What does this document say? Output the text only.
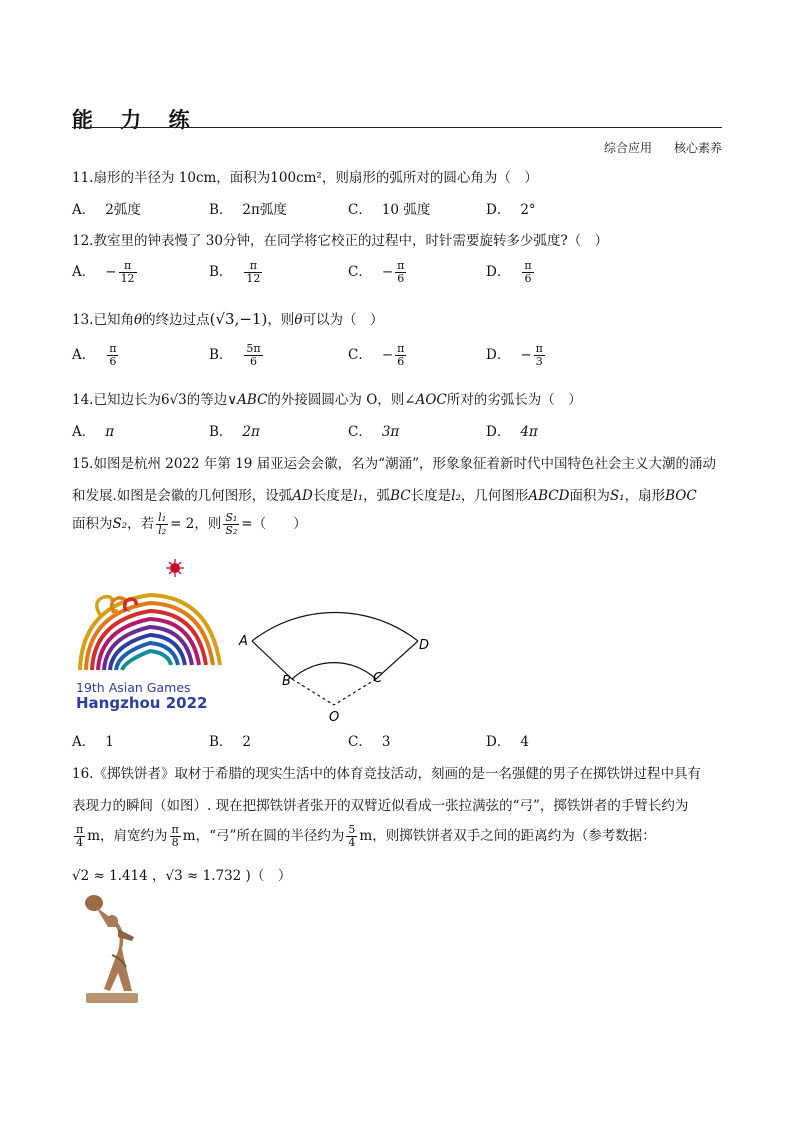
能 力 练
综合应用 核心素养
11.扇形的半径为 10cm，面积为100cm²，则扇形的弧所对的圆心角为（　）
A． 2弧度	B． 2π弧度	C． 10 弧度	D． 2°
12.教室里的钟表慢了 30分钟，在同学将它校正的过程中，时针需要旋转多少弧度?（　）
A． − $\frac{\pi}{12}$	B． $\frac{\pi}{12}$	C． − $\frac{\pi}{6}$	D． $\frac{\pi}{6}$
13.已知角θ的终边过点(√3,−1)，则θ可以为（　）
A． $\frac{\pi}{6}$	B． $\frac{5\pi}{6}$	C． − $\frac{\pi}{6}$	D． − $\frac{\pi}{3}$
14.已知边长为6√3的等边∨ABC的外接圆圆心为 O，则∠AOC所对的劣弧长为（　）
A． π	B． 2π	C． 3π	D． 4π
15.如图是杭州 2022 年第 19 届亚运会会徽，名为“潮涌”，形象象征着新时代中国特色社会主义大潮的涌动
和发展.如图是会徽的几何图形，设弧AD长度是l₁，弧BC长度是l₂，几何图形ABCD面积为S₁，扇形BOC
面积为S₂，若 $\frac{\text{l₁}}{\text{l₂}} = 2$，则 $\frac{\text{S₁}}{\text{S₂}}$ =（　　）
19th Asian Games
Hangzhou 2022
A	D
B	C
O
A． 1	B． 2	C． 3	D． 4
16.《掷铁饼者》取材于希腊的现实生活中的体育竞技活动，刻画的是一名强健的男子在掷铁饼过程中具有
表现力的瞬间（如图）. 现在把掷铁饼者张开的双臂近似看成一张拉满弦的“弓”，掷铁饼者的手臂长约为
$\frac{\pi}{4}$ m，肩宽约为 $\frac{\pi}{8}$ m，“弓”所在圆的半径约为 $\frac{5}{4}$ m，则掷铁饼者双手之间的距离约为（参考数据：
√2 ≈ 1.414 ，√3 ≈ 1.732 )（　）
